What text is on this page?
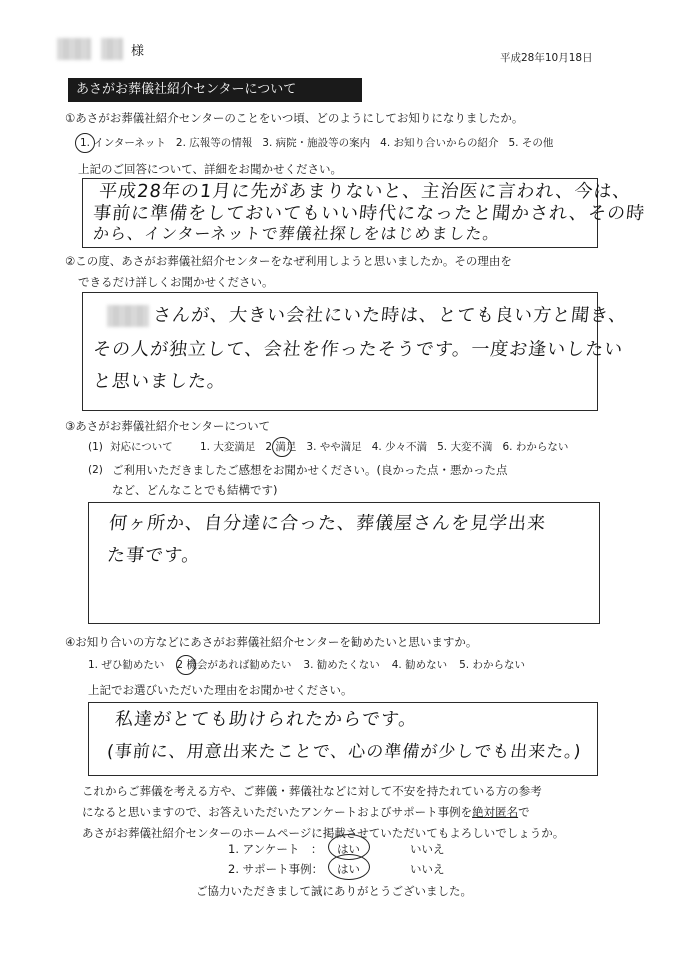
様	平成28年10月18日
あさがお葬儀社紹介センターについて
①あさがお葬儀社紹介センターのことをいつ頃、どのようにしてお知りになりましたか。
1. インターネット 2. 広報等の情報 3. 病院・施設等の案内 4. お知り合いからの紹介 5. その他
上記のご回答について、詳細をお聞かせください。
平成28年の1月に先があまりないと、主治医に言われ、今は、
事前に準備をしておいてもいい時代になったと聞かされ、その時
から、インターネットで葬儀社探しをはじめました。
②この度、あさがお葬儀社紹介センターをなぜ利用しようと思いましたか。その理由を
できるだけ詳しくお聞かせください。
さんが、大きい会社にいた時は、とても良い方と聞き、
その人が独立して、会社を作ったそうです。一度お逢いしたい
と思いました。
③あさがお葬儀社紹介センターについて
(1) 対応について	1. 大変満足 2 満足 3. やや満足 4. 少々不満 5. 大変不満 6. わからない
(2) ご利用いただきましたご感想をお聞かせください。(良かった点・悪かった点
など、どんなことでも結構です)
何ヶ所か、自分達に合った、葬儀屋さんを見学出来
た事です。
④お知り合いの方などにあさがお葬儀社紹介センターを勧めたいと思いますか。
1. ぜひ勧めたい 2 機会があれば勧めたい 3. 勧めたくない 4. 勧めない 5. わからない
上記でお選びいただいた理由をお聞かせください。
私達がとても助けられたからです。
(事前に、用意出来たことで、心の準備が少しでも出来た。)
これからご葬儀を考える方や、ご葬儀・葬儀社などに対して不安を持たれている方の参考
になると思いますので、お答えいただいたアンケートおよびサポート事例を絶対匿名で
あさがお葬儀社紹介センターのホームページに掲載させていただいてもよろしいでしょうか。
1. アンケート　： はい	いいえ
2. サポート事例： はい	いいえ
ご協力いただきまして誠にありがとうございました。
